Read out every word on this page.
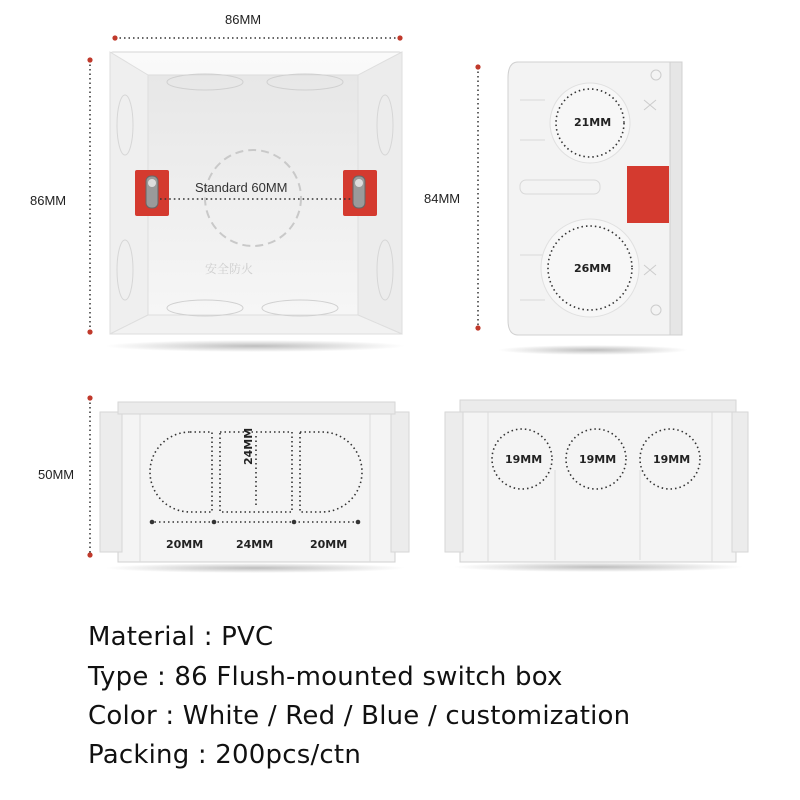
86MM
86MM
Standard 60MM
安全防火
84MM
21MM
26MM
50MM
24MM
20MM	24MM	20MM
19MM	19MM	19MM
Material : PVC
Type : 86 Flush-mounted switch box
Color : White / Red / Blue / customization
Packing : 200pcs/ctn
